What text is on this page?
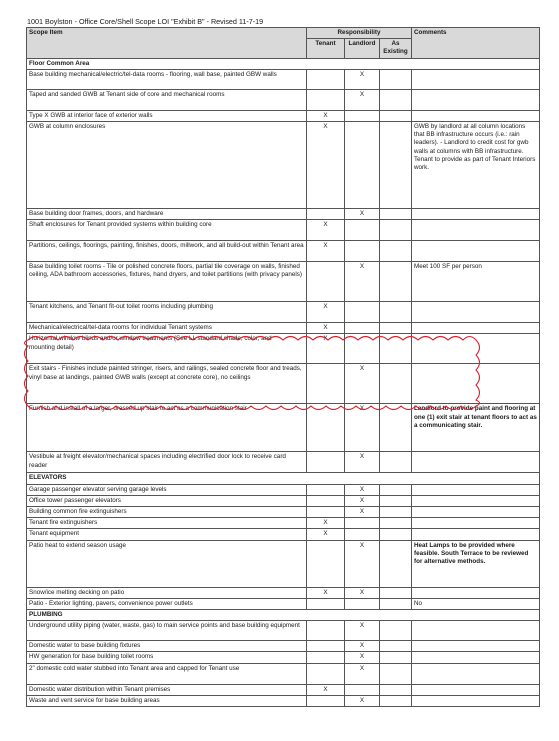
1001 Boylston - Office Core/Shell Scope LOI "Exhibit B" - Revised 11-7-19
Scope Item	Responsibility			Comments
	Tenant	Landlord	As Existing	
Floor Common Area				
Base building mechanical/electric/tel-data rooms - flooring, wall base, painted GBW walls		X		
Taped and sanded GWB at Tenant side of core and mechanical rooms		X		
Type X GWB at interior face of exterior walls	X			
GWB at column enclosures	X			GWB by landlord at all column locations that BB infrastructure occurs (i.e.: rain leaders). - Landlord to credit cost for gwb walls at columns with BB infrastructure. Tenant to provide as part of Tenant Interiors work.
Base building door frames, doors, and hardware		X		
Shaft enclosures for Tenant provided systems within building core	X			
Partitions, ceilings, floorings, painting, finishes, doors, millwork, and all build-out within Tenant area	X			
Base building toilet rooms - Tile or polished concrete floors, partial tile coverage on walls, finished ceiling, ADA bathroom accessories, fixtures, hand dryers, and toilet partitions (with privacy panels)		X		Meet 100 SF per person
Tenant kitchens, and Tenant fit-out toilet rooms including plumbing	X			
Mechanical/electrical/tel-data rooms for individual Tenant systems	X			
Horizontal window blinds and/or window treatments (See LL standard shade, color, and
mounting detail)	X			
Exit stairs - Finishes include painted stringer, risers, and railings, sealed concrete floor and treads,
vinyl base at landings, painted GWB walls (except at concrete core), no ceilings		X		
Furnish and install of a larger, dressed up stair to act as a communication stair		X		Landlord to provide paint and flooring at one (1) exit stair at tenant floors to act as a communicating stair.
Vestibule at freight elevator/mechanical spaces including electrified door lock to receive card reader		X		
ELEVATORS				
Garage passenger elevator serving garage levels		X		
Office tower passenger elevators		X		
Building common fire extinguishers		X		
Tenant fire extinguishers	X			
Tenant equipment	X			
Patio heat to extend season usage		X		Heat Lamps to be provided where feasible. South Terrace to be reviewed for alternative methods.
Snow/ice melting decking on patio	X	X		
Patio - Exterior lighting, pavers, convenience power outlets				No
PLUMBING				
Underground utility piping (water, waste, gas) to main service points and base building equipment		X		
Domestic water to base building fixtures		X		
HW generation for base building toilet rooms		X		
2" domestic cold water stubbed into Tenant area and capped for Tenant use		X		
Domestic water distribution within Tenant premises	X			
Waste and vent service for base building areas		X		
